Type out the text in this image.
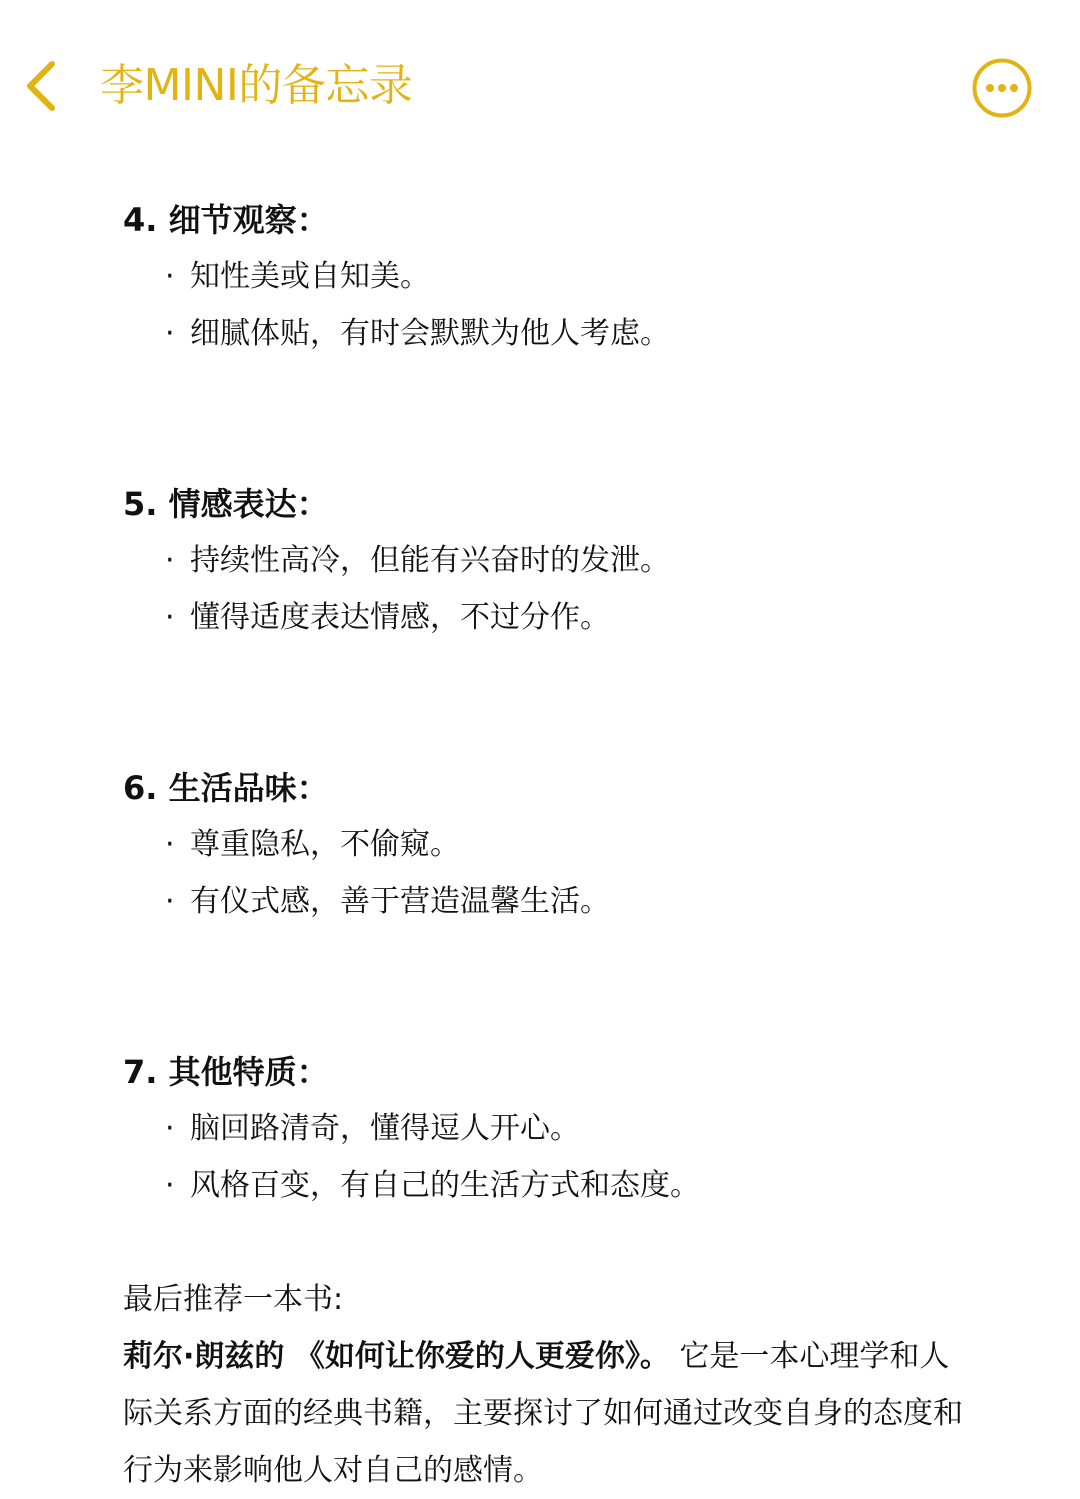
李MINI的备忘录
4. 细节观察：
· 知性美或自知美。
· 细腻体贴，有时会默默为他人考虑。
5. 情感表达：
· 持续性高冷，但能有兴奋时的发泄。
· 懂得适度表达情感，不过分作。
6. 生活品味：
· 尊重隐私，不偷窥。
· 有仪式感，善于营造温馨生活。
7. 其他特质：
· 脑回路清奇，懂得逗人开心。
· 风格百变，有自己的生活方式和态度。
最后推荐一本书:
莉尔·朗兹的 《如何让你爱的人更爱你》。 它是一本心理学和人际关系方面的经典书籍，主要探讨了如何通过改变自身的态度和行为来影响他人对自己的感情。
